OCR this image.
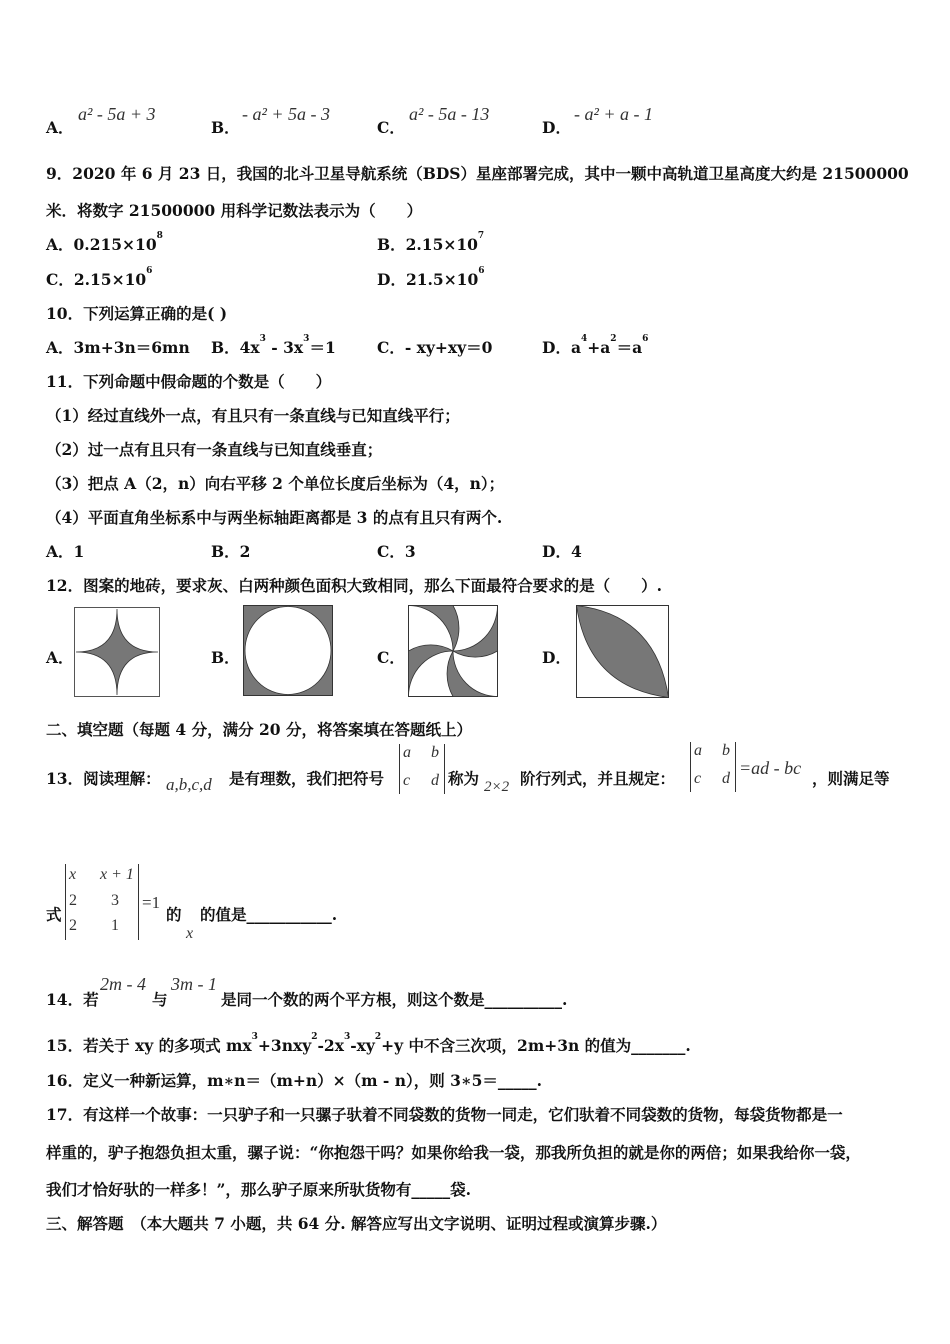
A．
a² - 5a + 3
B．
- a² + 5a - 3
C．
a² - 5a - 13
D．
- a² + a - 1
9．2020 年 6 月 23 日，我国的北斗卫星导航系统（BDS）星座部署完成，其中一颗中高轨道卫星高度大约是 21500000
米．将数字 21500000 用科学记数法表示为（　　）
A．$0.215\times 10^8$	B．$2.15\times 10^7$
C．$2.15\times 10^6$	D．$21.5\times 10^6$
10．下列运算正确的是( )
A．3m+3n＝6mn B．$4x^3 - 3x^3=1$	C．- xy+xy＝0	D．$a^4+a^2=a^6$
11．下列命题中假命题的个数是（　　）
（1）经过直线外一点，有且只有一条直线与已知直线平行；
（2）过一点有且只有一条直线与已知直线垂直；
（3）把点 A（2，n）向右平移 2 个单位长度后坐标为（4，n）；
（4）平面直角坐标系中与两坐标轴距离都是 3 的点有且只有两个.
A．1	B．2	C．3	D．4
12．图案的地砖，要求灰、白两种颜色面积大致相同，那么下面最符合要求的是（　　）.
A．	B．	C．	D．
二、填空题（每题 4 分，满分 20 分，将答案填在答题纸上）
13．阅读理解： a,b,c,d 是有理数，我们把符号
a b
c d 称为 2×2 阶行列式，并且规定：
a b
c d
=ad - bc
，则满足等
式
x x + 1
2 3
2 1
=1
的
x
的值是___________.
14．若
2m - 4
与
3m - 1
是同一个数的两个平方根，则这个数是__________.
15．若关于 xy 的多项式 $mx^3+3nxy^2-2x^3-xy^2+y$ 中不含三次项，2m+3n 的值为_______.
16．定义一种新运算，m∗n＝（m+n）×（m - n），则 3∗5＝_____.
17．有这样一个故事：一只驴子和一只骡子驮着不同袋数的货物一同走，它们驮着不同袋数的货物，每袋货物都是一
样重的，驴子抱怨负担太重，骡子说：“你抱怨干吗？如果你给我一袋，那我所负担的就是你的两倍；如果我给你一袋，
我们才恰好驮的一样多！”，那么驴子原来所驮货物有_____袋.
三、解答题　（本大题共 7 小题，共 64 分. 解答应写出文字说明、证明过程或演算步骤.）
